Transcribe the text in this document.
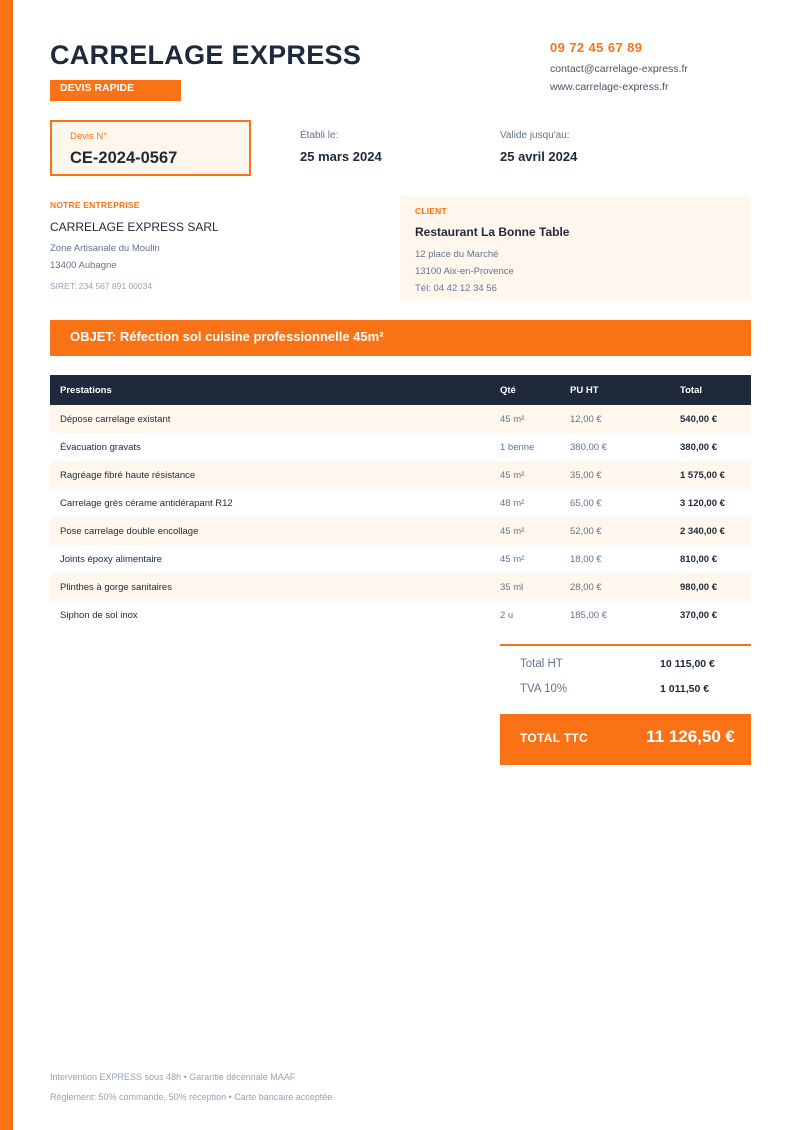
CARRELAGE EXPRESS
DEVIS RAPIDE
09 72 45 67 89
contact@carrelage-express.fr
www.carrelage-express.fr
Devis N°
CE-2024-0567
Établi le:
25 mars 2024
Valide jusqu'au:
25 avril 2024
NOTRE ENTREPRISE
CARRELAGE EXPRESS SARL
Zone Artisanale du Moulin
13400 Aubagne
SIRET: 234 567 891 00034
CLIENT
Restaurant La Bonne Table
12 place du Marché
13100 Aix-en-Provence
Tél: 04 42 12 34 56
OBJET: Réfection sol cuisine professionnelle 45m²
Prestations	Qté	PU HT	Total
Dépose carrelage existant	45 m²	12,00 €	540,00 €
Évacuation gravats	1 benne	380,00 €	380,00 €
Ragréage fibré haute résistance	45 m²	35,00 €	1 575,00 €
Carrelage grès cérame antidérapant R12	48 m²	65,00 €	3 120,00 €
Pose carrelage double encollage	45 m²	52,00 €	2 340,00 €
Joints époxy alimentaire	45 m²	18,00 €	810,00 €
Plinthes à gorge sanitaires	35 ml	28,00 €	980,00 €
Siphon de sol inox	2 u	185,00 €	370,00 €
Total HT	10 115,00 €
TVA 10%	1 011,50 €
TOTAL TTC	11 126,50 €
Intervention EXPRESS sous 48h • Garantie décennale MAAF
Règlement: 50% commande, 50% réception • Carte bancaire acceptée
